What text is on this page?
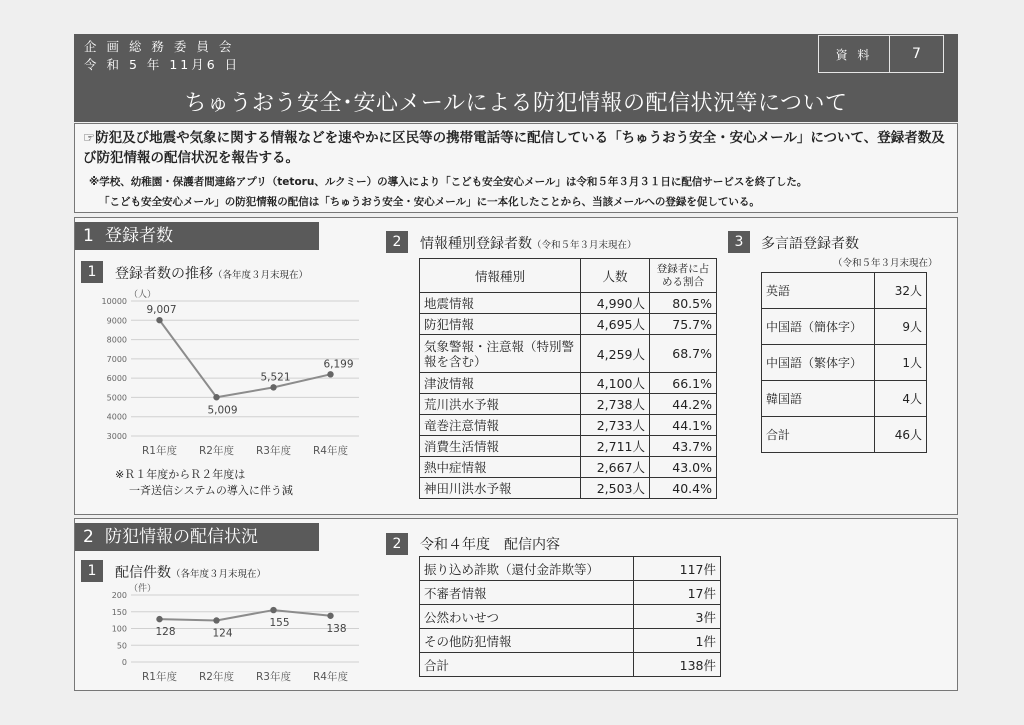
企 画 総 務 委 員 会
令 和 5 年 11月6 日
資 料	7
ちゅうおう安全･安心メールによる防犯情報の配信状況等について
☞防犯及び地震や気象に関する情報などを速やかに区民等の携帯電話等に配信している「ちゅうおう安全・安心メール」について、登録者数及び防犯情報の配信状況を報告する。
※学校、幼稚園・保護者間連絡アプリ（tetoru、ルクミー）の導入により「こども安全安心メール」は令和５年３月３１日に配信サービスを終了した。
「こども安全安心メール」の防犯情報の配信は「ちゅうおう安全・安心メール」に一本化したことから、当該メールへの登録を促している。
1 登録者数
1	登録者数の推移（各年度３月末現在）
3000
4000
5000
6000
7000
8000
9000
10000
9,007
5,009
5,521
6,199
R1年度 R2年度 R3年度 R4年度
（人）
※Ｒ１年度からＲ２年度は
一斉送信システムの導入に伴う減
2	情報種別登録者数（令和５年３月末現在）
情報種別	人数	登録者に占める割合
地震情報	4,990人	80.5%
防犯情報	4,695人	75.7%
気象警報・注意報（特別警報を含む）	4,259人	68.7%
津波情報	4,100人	66.1%
荒川洪水予報	2,738人	44.2%
竜巻注意情報	2,733人	44.1%
消費生活情報	2,711人	43.7%
熱中症情報	2,667人	43.0%
神田川洪水予報	2,503人	40.4%
3	多言語登録者数
（令和５年３月末現在）
英語	32人
中国語（簡体字）	9人
中国語（繁体字）	1人
韓国語	4人
合計	46人
2 防犯情報の配信状況
1	配信件数（各年度３月末現在）
0
50
100
150
200
128	124
155	138
R1年度 R2年度 R3年度 R4年度
（件）
2	令和４年度　配信内容
振り込め詐欺（還付金詐欺等）	117件
不審者情報	17件
公然わいせつ	3件
その他防犯情報	1件
合計	138件
